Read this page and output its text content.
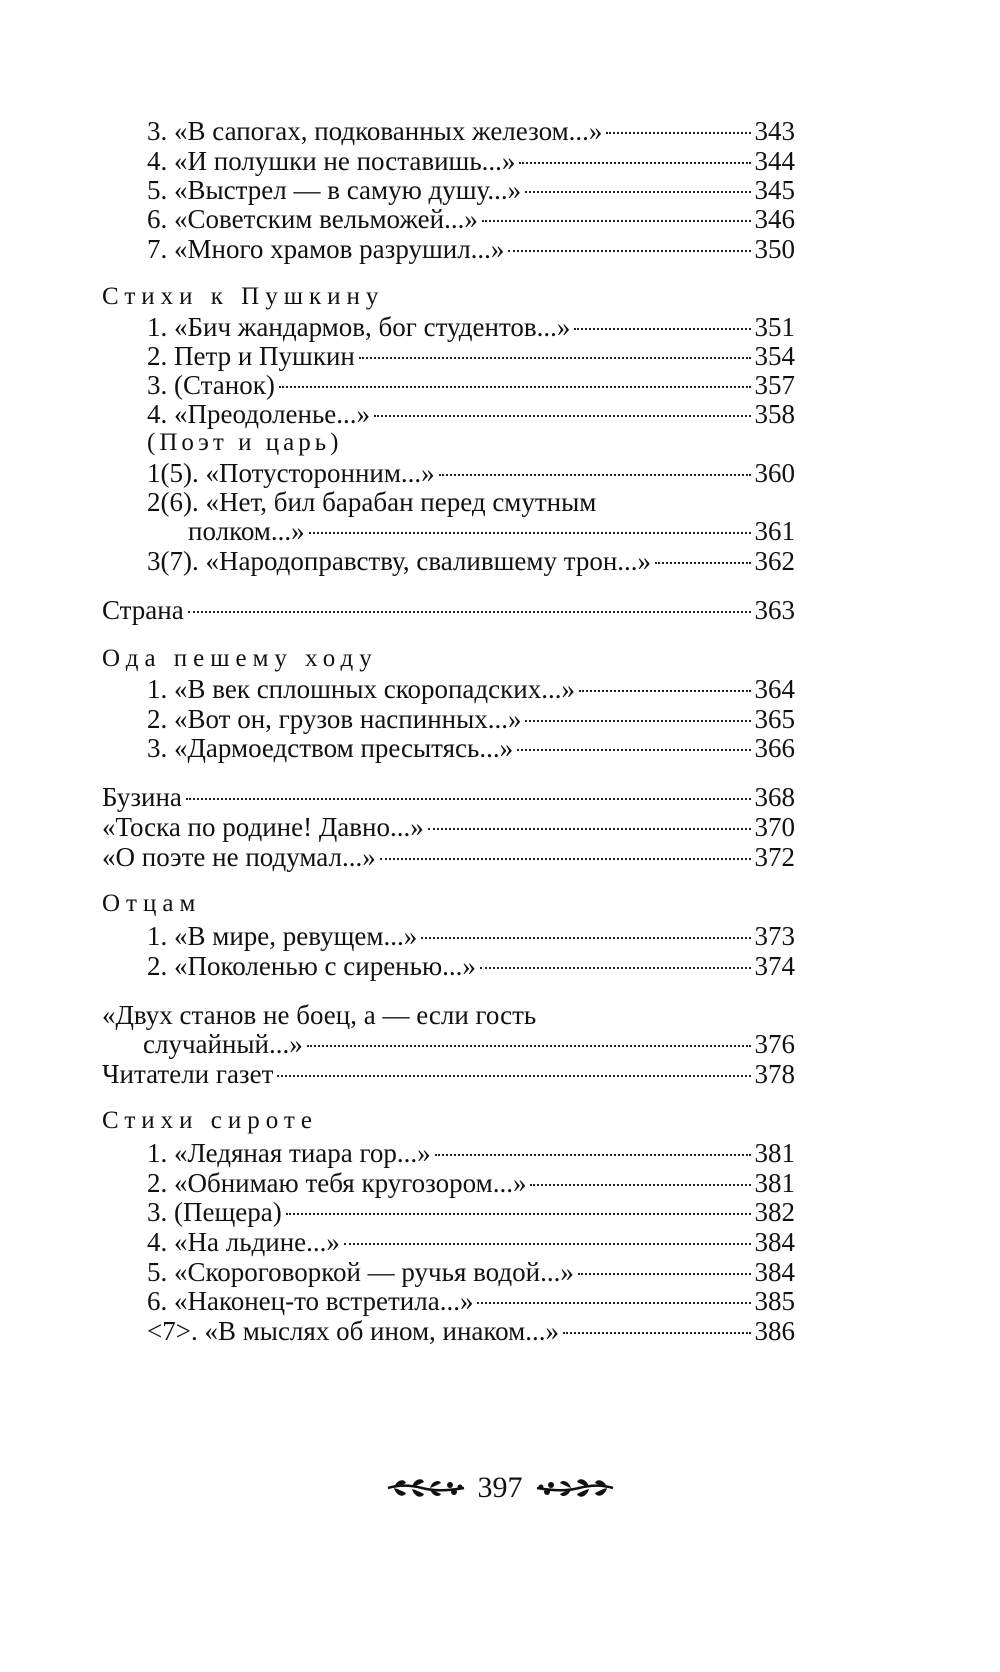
3. «В сапогах, подкованных железом...»	343
4. «И полушки не поставишь...»	344
5. «Выстрел — в самую душу...»	345
6. «Советским вельможей...»	346
7. «Много храмов разрушил...»	350
Стихи к Пушкину
1. «Бич жандармов, бог студентов...»	351
2. Петр и Пушкин	354
3. (Станок)	357
4. «Преодоленье...»	358
(Поэт и царь)
1(5). «Потусторонним...»	360
2(6). «Нет, бил барабан перед смутным
полком...»	361
3(7). «Народоправству, свалившему трон...»	362
Страна	363
Ода пешему ходу
1. «В век сплошных скоропадских...»	364
2. «Вот он, грузов наспинных...»	365
3. «Дармоедством пресытясь...»	366
Бузина	368
«Тоска по родине! Давно...»	370
«О поэте не подумал...»	372
Отцам
1. «В мире, ревущем...»	373
2. «Поколенью с сиренью...»	374
«Двух станов не боец, а — если гость
случайный...»	376
Читатели газет	378
Стихи сироте
1. «Ледяная тиара гор...»	381
2. «Обнимаю тебя кругозором...»	381
3. (Пещера)	382
4. «На льдине...»	384
5. «Скороговоркой — ручья водой...»	384
6. «Наконец-то встретила...»	385
<7>. «В мыслях об ином, инаком...»	386
397
